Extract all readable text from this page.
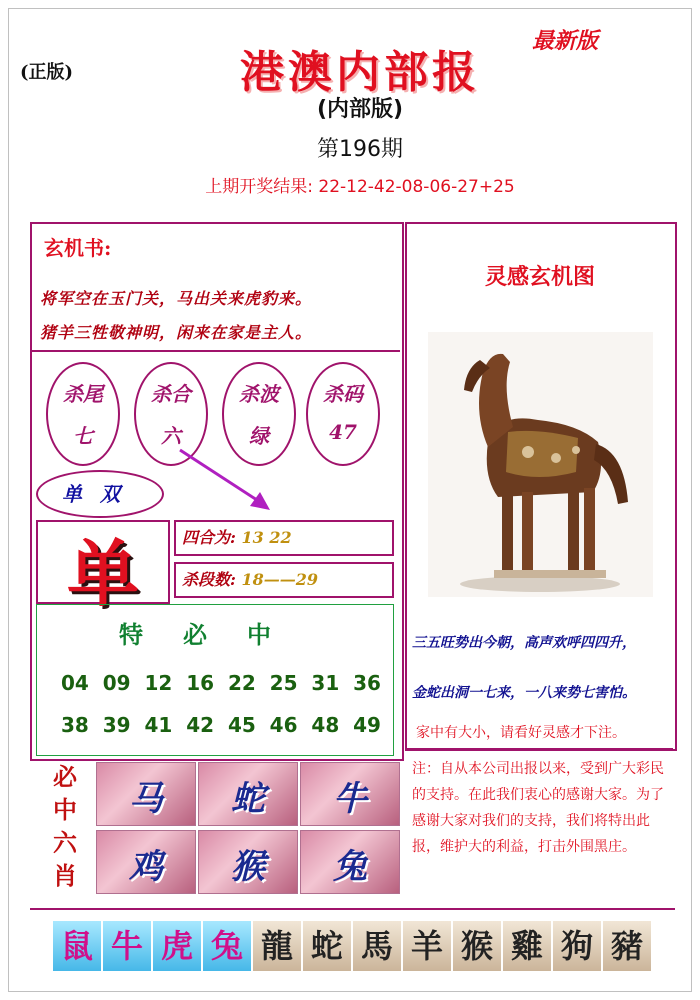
(正版)	港澳内部报
最新版
(内部版)
第196期
上期开奖结果: 22-12-42-08-06-27+25
玄机书:
将军空在玉门关，马出关来虎豹来。
猪羊三牲敬神明，闲来在家是主人。
杀尾
七
杀合
六
杀波
绿
杀码
47
单双
单	四合为: 13 22
杀段数: 18——29
特必中
04 09 12 16 22 25 31 36
38 39 41 42 45 46 48 49
必中六肖
马	蛇	牛
鸡	猴	兔
灵感玄机图
三五旺势出今朝，高声欢呼四四升，
金蛇出洞一七来，一八来势七害怕。
家中有大小，请看好灵感才下注。
注：自从本公司出报以来，受到广大彩民的支持。在此我们衷心的感谢大家。为了感谢大家对我们的支持，我们将特出此报，维护大的利益，打击外围黑庄。
鼠 牛 虎 兔 龍 蛇 馬 羊 猴 雞 狗 豬
